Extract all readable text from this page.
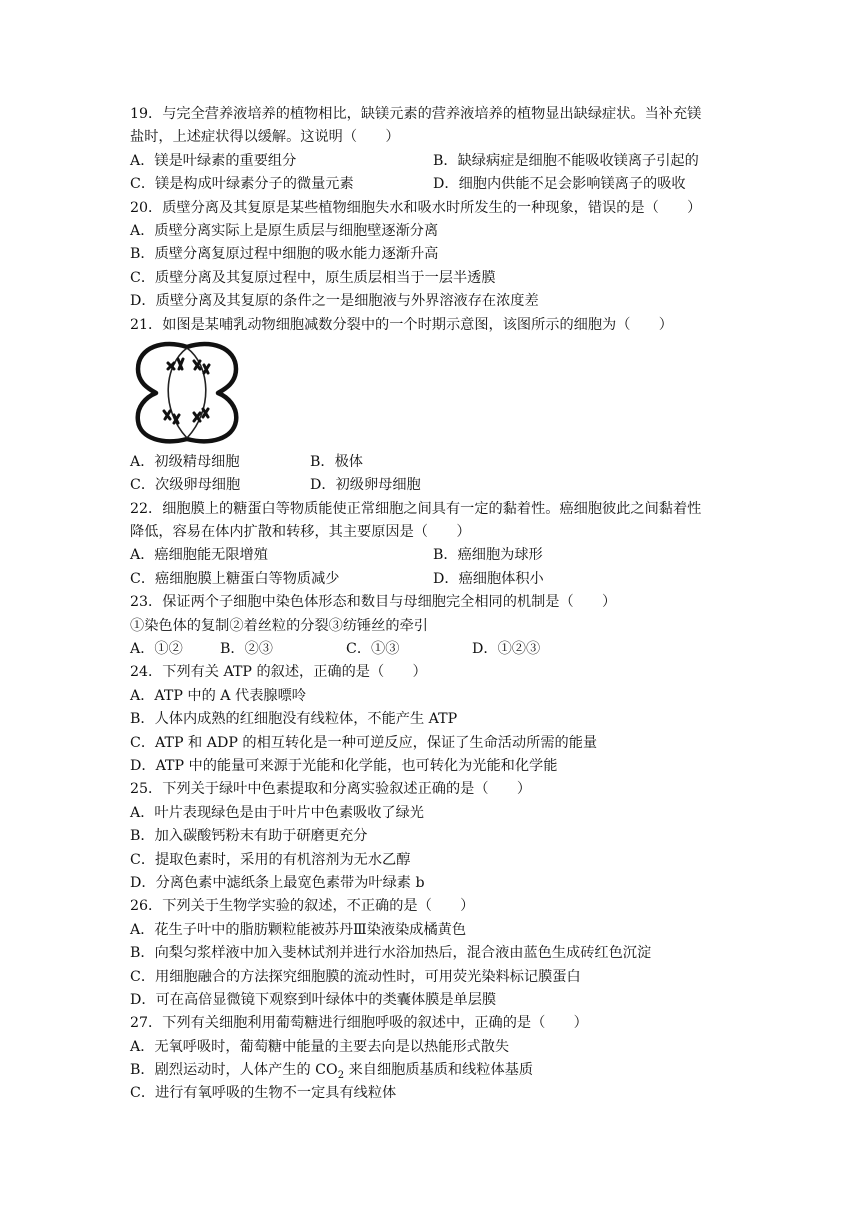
19．与完全营养液培养的植物相比，缺镁元素的营养液培养的植物显出缺绿症状。当补充镁
盐时，上述症状得以缓解。这说明（　　）
A．镁是叶绿素的重要组分	B．缺绿病症是细胞不能吸收镁离子引起的
C．镁是构成叶绿素分子的微量元素	D．细胞内供能不足会影响镁离子的吸收
20．质壁分离及其复原是某些植物细胞失水和吸水时所发生的一种现象，错误的是（　　）
A．质壁分离实际上是原生质层与细胞壁逐渐分离
B．质壁分离复原过程中细胞的吸水能力逐渐升高
C．质壁分离及其复原过程中，原生质层相当于一层半透膜
D．质壁分离及其复原的条件之一是细胞液与外界溶液存在浓度差
21．如图是某哺乳动物细胞减数分裂中的一个时期示意图，该图所示的细胞为（　　）
A．初级精母细胞	B．极体
C．次级卵母细胞	D．初级卵母细胞
22．细胞膜上的糖蛋白等物质能使正常细胞之间具有一定的黏着性。癌细胞彼此之间黏着性
降低，容易在体内扩散和转移，其主要原因是（　　）
A．癌细胞能无限增殖	B．癌细胞为球形
C．癌细胞膜上糖蛋白等物质减少	D．癌细胞体积小
23．保证两个子细胞中染色体形态和数目与母细胞完全相同的机制是（　　）
①染色体的复制②着丝粒的分裂③纺锤丝的牵引
A．①②	B．②③	C．①③	D．①②③
24．下列有关 ATP 的叙述，正确的是（　　）
A．ATP 中的 A 代表腺嘌呤
B．人体内成熟的红细胞没有线粒体，不能产生 ATP
C．ATP 和 ADP 的相互转化是一种可逆反应，保证了生命活动所需的能量
D．ATP 中的能量可来源于光能和化学能，也可转化为光能和化学能
25．下列关于绿叶中色素提取和分离实验叙述正确的是（　　）
A．叶片表现绿色是由于叶片中色素吸收了绿光
B．加入碳酸钙粉末有助于研磨更充分
C．提取色素时，采用的有机溶剂为无水乙醇
D．分离色素中滤纸条上最宽色素带为叶绿素 b
26．下列关于生物学实验的叙述，不正确的是（　　）
A．花生子叶中的脂肪颗粒能被苏丹Ⅲ染液染成橘黄色
B．向梨匀浆样液中加入斐林试剂并进行水浴加热后，混合液由蓝色生成砖红色沉淀
C．用细胞融合的方法探究细胞膜的流动性时，可用荧光染料标记膜蛋白
D．可在高倍显微镜下观察到叶绿体中的类囊体膜是单层膜
27．下列有关细胞利用葡萄糖进行细胞呼吸的叙述中，正确的是（　　）
A．无氧呼吸时，葡萄糖中能量的主要去向是以热能形式散失
B．剧烈运动时，人体产生的 $CO_2$ 来自细胞质基质和线粒体基质
C．进行有氧呼吸的生物不一定具有线粒体
